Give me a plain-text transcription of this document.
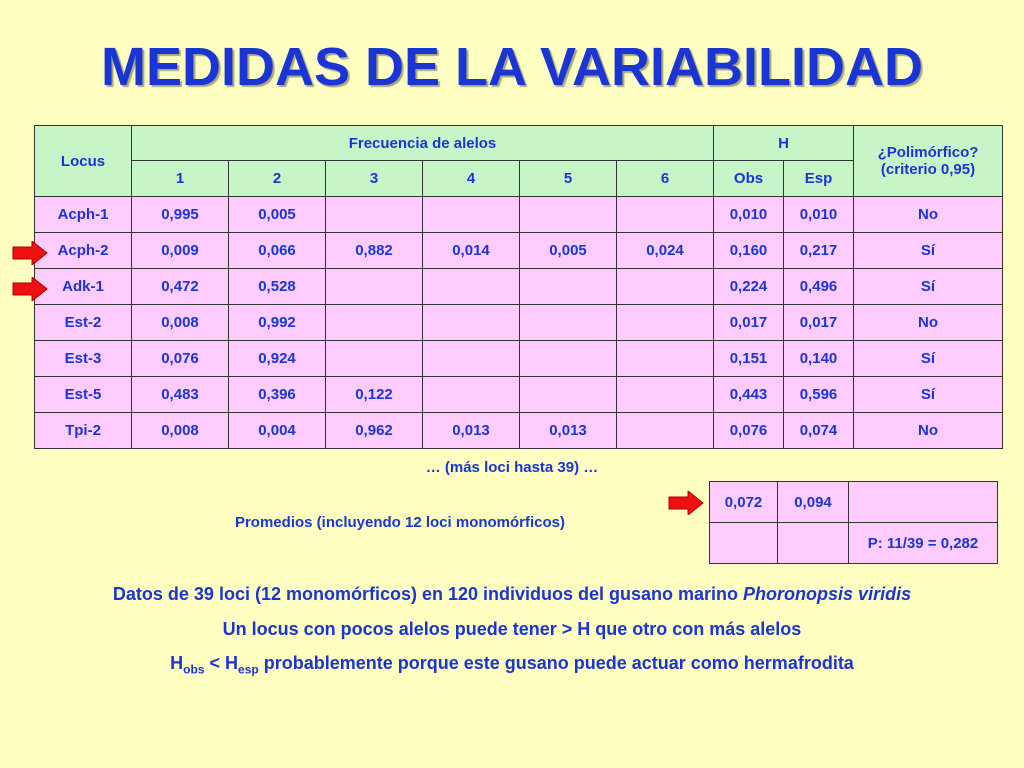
MEDIDAS DE LA VARIABILIDAD
Locus	Frecuencia de alelos						H		¿Polimórfico?
(criterio 0,95)

	1	2	3	4	5	6	Obs	Esp	
Acph-1	0,995	0,005					0,010	0,010	No
Acph-2	0,009	0,066	0,882	0,014	0,005	0,024	0,160	0,217	Sí
Adk-1	0,472	0,528					0,224	0,496	Sí
Est-2	0,008	0,992					0,017	0,017	No
Est-3	0,076	0,924					0,151	0,140	Sí
Est-5	0,483	0,396	0,122				0,443	0,596	Sí
Tpi-2	0,008	0,004	0,962	0,013	0,013		0,076	0,074	No
… (más loci hasta 39) …
Promedios (incluyendo 12 loci monomórficos)
0,072	0,094	
		P: 11/39 = 0,282
Datos de 39 loci (12 monomórficos) en 120 individuos del gusano marino Phoronopsis viridis
Un locus con pocos alelos puede tener > H que otro con más alelos
$H_{obs} < H_{esp}$ probablemente porque este gusano puede actuar como hermafrodita
